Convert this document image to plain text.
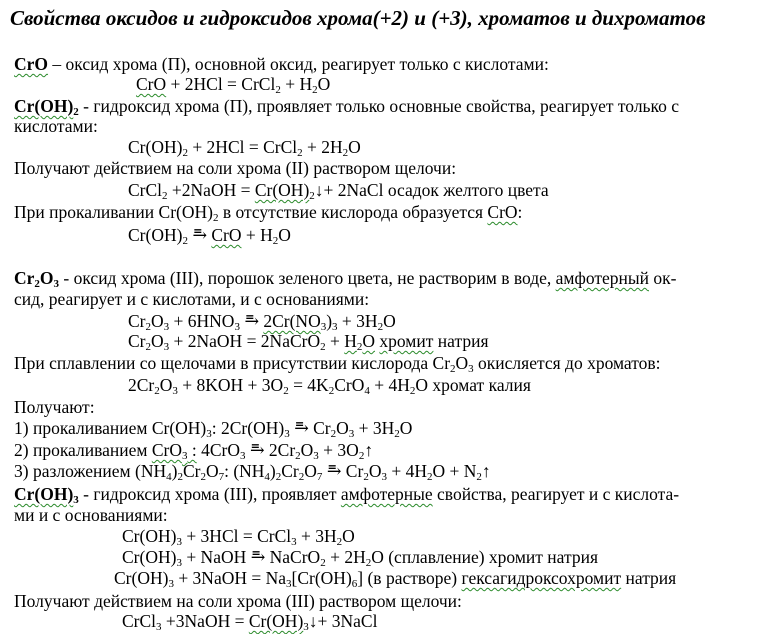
Свойства оксидов и гидроксидов хрома(+2) и (+3), хроматов и дихроматов
CrO – оксид хрома (П), основной оксид, реагирует только с кислотами:
CrO + 2HCl = CrCl$_2$ + $H_2O$
$Cr(OH)_2$ - гидроксид хрома (П), проявляет только основные свойства, реагирует только с
кислотами:
$Cr(OH)_2 + 2HCl$ = CrCl$_2$ + $2H_2O$
Получают действием на соли хрома (II) раствором щелочи:
CrCl$_2$ +2NaOH = $Cr(OH)_2↓+$ 2NaCl осадок желтого цвета
При прокаливании $Cr(OH)_2$ в отсутствие кислорода образуется CrO:
$Cr(OH)_2$ ⥱ CrO + $H_2O$
$Cr_2O_3$ - оксид хрома (III), порошок зеленого цвета, не растворим в воде, амфотерный ок-
сид, реагирует и с кислотами, и с основаниями:
$Cr_2O_3 + 6HNO_3$ ⥱ $2Cr(NO_3)_3 + 3H_2O$
$Cr_2O_3$ + 2NaOH = 2NaCrO$_2$ + $H_2O$ хромит натрия
При сплавлении со щелочами в присутствии кислорода $Cr_2O_3$ окисляется до хроматов:
$2Cr_2O_3 + 8KOH + 3O_2 = 4K_2CrO_4 + 4H_2O$ хромат калия
Получают:
1) прокаливанием $Cr(OH)_3$: $2Cr(OH)_3$ ⥱ $Cr_2O_3 + 3H_2O$
2) прокаливанием CrO$_3$ : 4CrO$_3$ ⥱ $2Cr_2O_3$ + $3O_2↑$
3) разложением $(NH_4)_2Cr_2O_7$: $(NH_4)_2Cr_2O_7$ ⥱ $Cr_2O_3 + 4H_2O$ + $N_2↑$
$Cr(OH)_3$ - гидроксид хрома (III), проявляет амфотерные свойства, реагирует и с кислота-
ми и с основаниями:
$Cr(OH)_3 + 3HCl$ = CrCl$_3$ + $3H_2O$
$Cr(OH)_3$ + NaOH ⥱ NaCrO$_2$ + $2H_2O$ (сплавление) хромит натрия
$Cr(OH)_3$ + 3NaOH = $Na_3[Cr(OH)_6]$ (в растворе) гексагидроксохромит натрия
Получают действием на соли хрома (III) раствором щелочи:
CrCl$_3$ +3NaOH = $Cr(OH)_3↓+$ 3NaCl
